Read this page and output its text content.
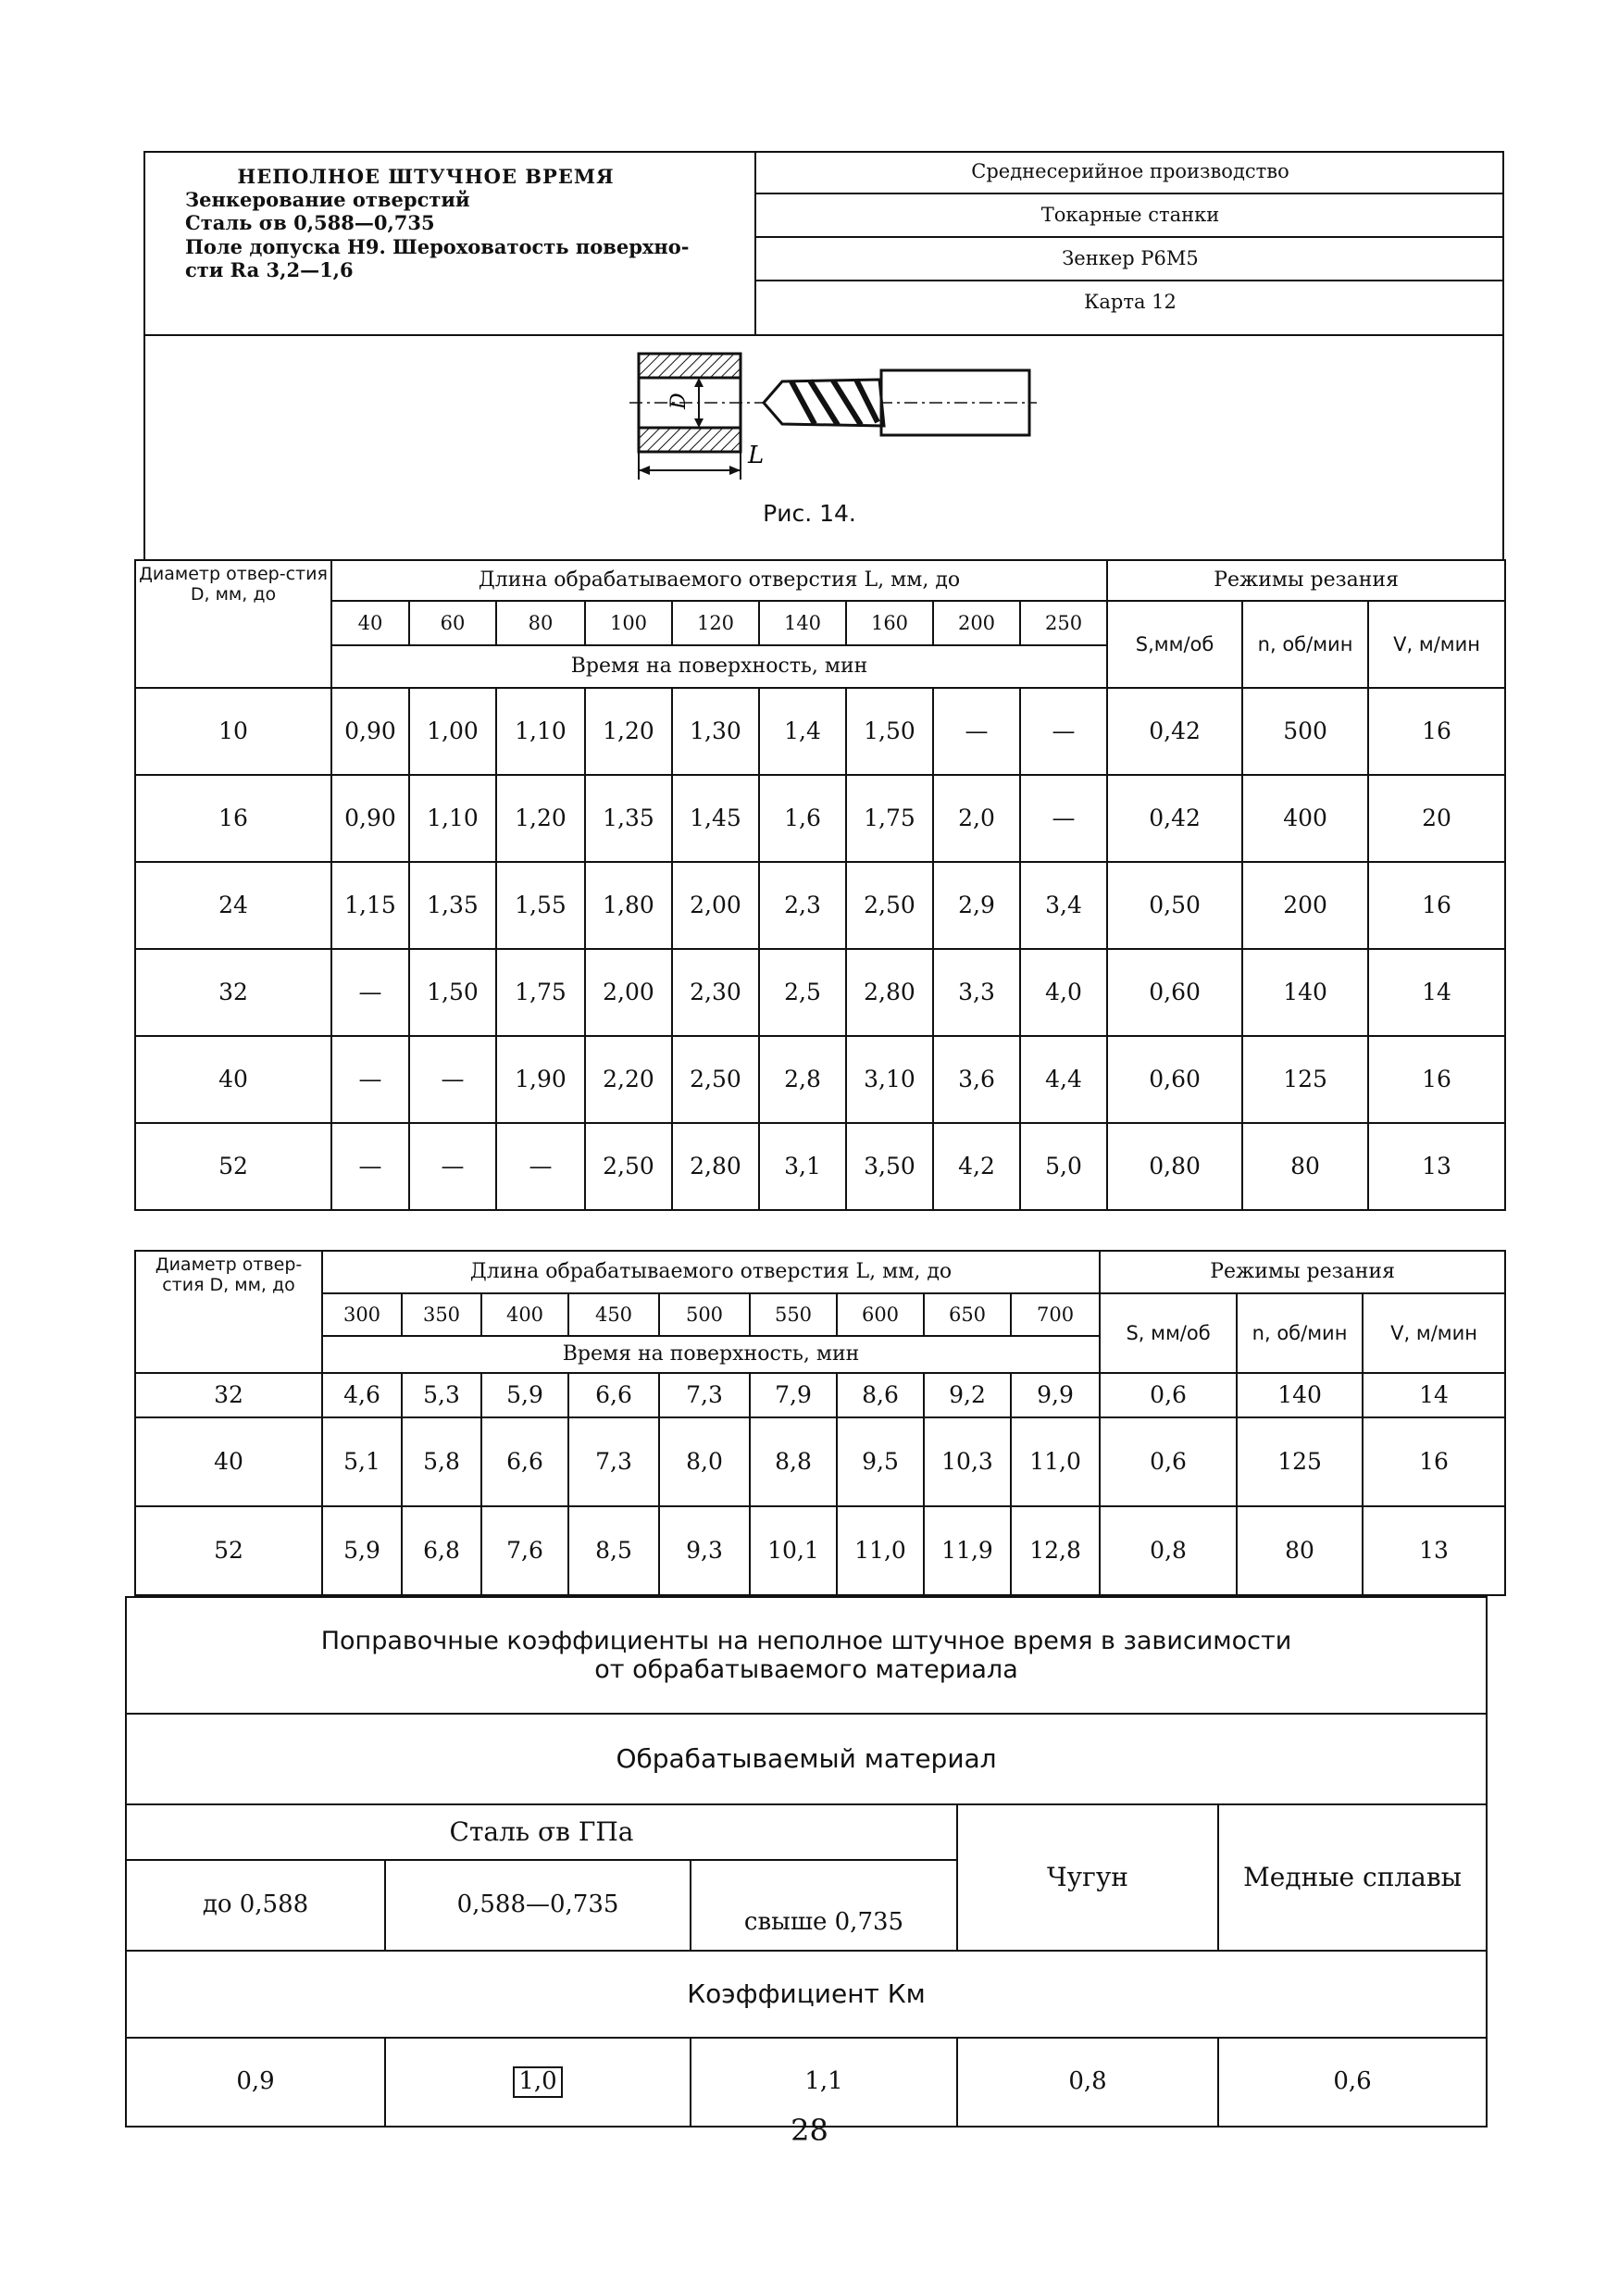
НЕПОЛНОЕ ШТУЧНОЕ ВРЕМЯ
Зенкерование отверстий
Сталь σв 0,588—0,735
Поле допуска Н9. Шероховатость поверхно-
сти Ra 3,2—1,6
Среднесерийное производство
Токарные станки
Зенкер Р6М5
Карта 12
D
L
Рис. 14.
Диаметр отвер-стия D, мм, до	Длина обрабатываемого отверстия L, мм, до									Режимы резания		
	40	60	80	100	120	140	160	200	250	S,мм/об	n, об/мин	V, м/мин
	Время на поверхность, мин											
10	0,90	1,00	1,10	1,20	1,30	1,4	1,50	—	—	0,42	500	16
16	0,90	1,10	1,20	1,35	1,45	1,6	1,75	2,0	—	0,42	400	20
24	1,15	1,35	1,55	1,80	2,00	2,3	2,50	2,9	3,4	0,50	200	16
32	—	1,50	1,75	2,00	2,30	2,5	2,80	3,3	4,0	0,60	140	14
40	—	—	1,90	2,20	2,50	2,8	3,10	3,6	4,4	0,60	125	16
52	—	—	—	2,50	2,80	3,1	3,50	4,2	5,0	0,80	80	13
Диаметр отвер-стия D, мм, до	Длина обрабатываемого отверстия L, мм, до									Режимы резания		
	300	350	400	450	500	550	600	650	700	S, мм/об	n, об/мин	V, м/мин
	Время на поверхность, мин											
32	4,6	5,3	5,9	6,6	7,3	7,9	8,6	9,2	9,9	0,6	140	14
40	5,1	5,8	6,6	7,3	8,0	8,8	9,5	10,3	11,0	0,6	125	16
52	5,9	6,8	7,6	8,5	9,3	10,1	11,0	11,9	12,8	0,8	80	13
Поправочные коэффициенты на неполное штучное время в зависимости
от обрабатываемого материала				

Обрабатываемый материал				
Сталь σв ГПа			Чугун	Медные сплавы
до 0,588	0,588—0,735	свыше 0,735		
Коэффициент Км				
0,9	1,0	1,1	0,8	0,6
28
